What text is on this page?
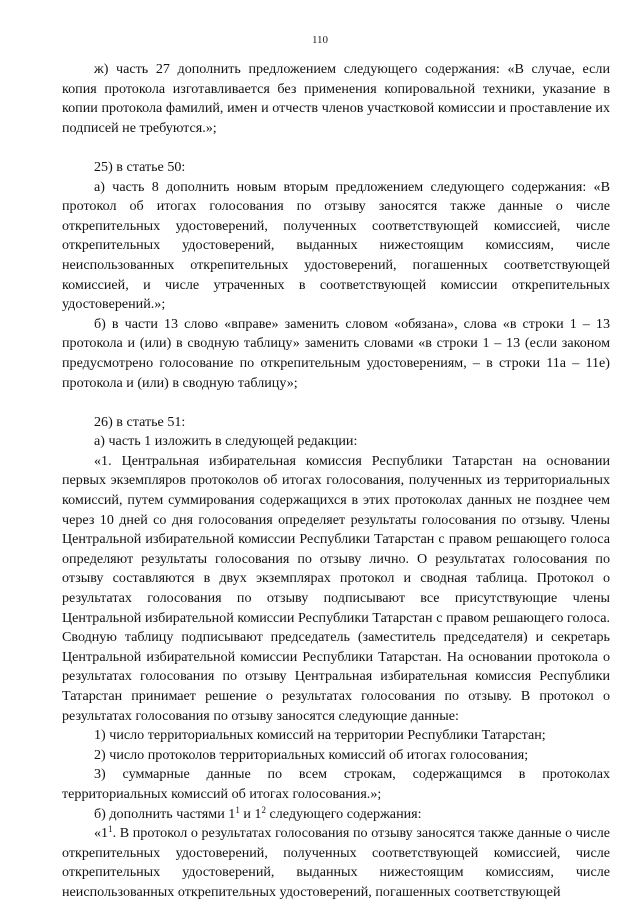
110

ж) часть 27 дополнить предложением следующего содержания: «В случае, если копия протокола изготавливается без применения копировальной техники, указание в копии протокола фамилий, имен и отчеств членов участковой комиссии и проставление их подписей не требуются.»;

25) в статье 50:

а) часть 8 дополнить новым вторым предложением следующего содержания: «В протокол об итогах голосования по отзыву заносятся также данные о числе открепительных удостоверений, полученных соответствующей комиссией, числе открепительных удостоверений, выданных нижестоящим комиссиям, числе неиспользованных открепительных удостоверений, погашенных соответствующей комиссией, и числе утраченных в соответствующей комиссии открепительных удостоверений.»;

б) в части 13 слово «вправе» заменить словом «обязана», слова «в строки 1 – 13 протокола и (или) в сводную таблицу» заменить словами «в строки 1 – 13 (если законом предусмотрено голосование по открепительным удостоверениям, – в строки 11а – 11е) протокола и (или) в сводную таблицу»;

26) в статье 51:

а) часть 1 изложить в следующей редакции:

«1. Центральная избирательная комиссия Республики Татарстан на основании первых экземпляров протоколов об итогах голосования, полученных из территориальных комиссий, путем суммирования содержащихся в этих протоколах данных не позднее чем через 10 дней со дня голосования определяет результаты голосования по отзыву. Члены Центральной избирательной комиссии Республики Татарстан с правом решающего голоса определяют результаты голосования по отзыву лично. О результатах голосования по отзыву составляются в двух экземплярах протокол и сводная таблица. Протокол о результатах голосования по отзыву подписывают все присутствующие члены Центральной избирательной комиссии Республики Татарстан с правом решающего голоса. Сводную таблицу подписывают председатель (заместитель председателя) и секретарь Центральной избирательной комиссии Республики Татарстан. На основании протокола о результатах голосования по отзыву Центральная избирательная комиссия Республики Татарстан принимает решение о результатах голосования по отзыву. В протокол о результатах голосования по отзыву заносятся следующие данные:

1) число территориальных комиссий на территории Республики Татарстан;

2) число протоколов территориальных комиссий об итогах голосования;

3) суммарные данные по всем строкам, содержащимся в протоколах территориальных комиссий об итогах голосования.»;

б) дополнить частями $1^1$ и $1^2$ следующего содержания:

«$1^1$. В протокол о результатах голосования по отзыву заносятся также данные о числе открепительных удостоверений, полученных соответствующей комиссией, числе открепительных удостоверений, выданных нижестоящим комиссиям, числе неиспользованных открепительных удостоверений, погашенных соответствующей
